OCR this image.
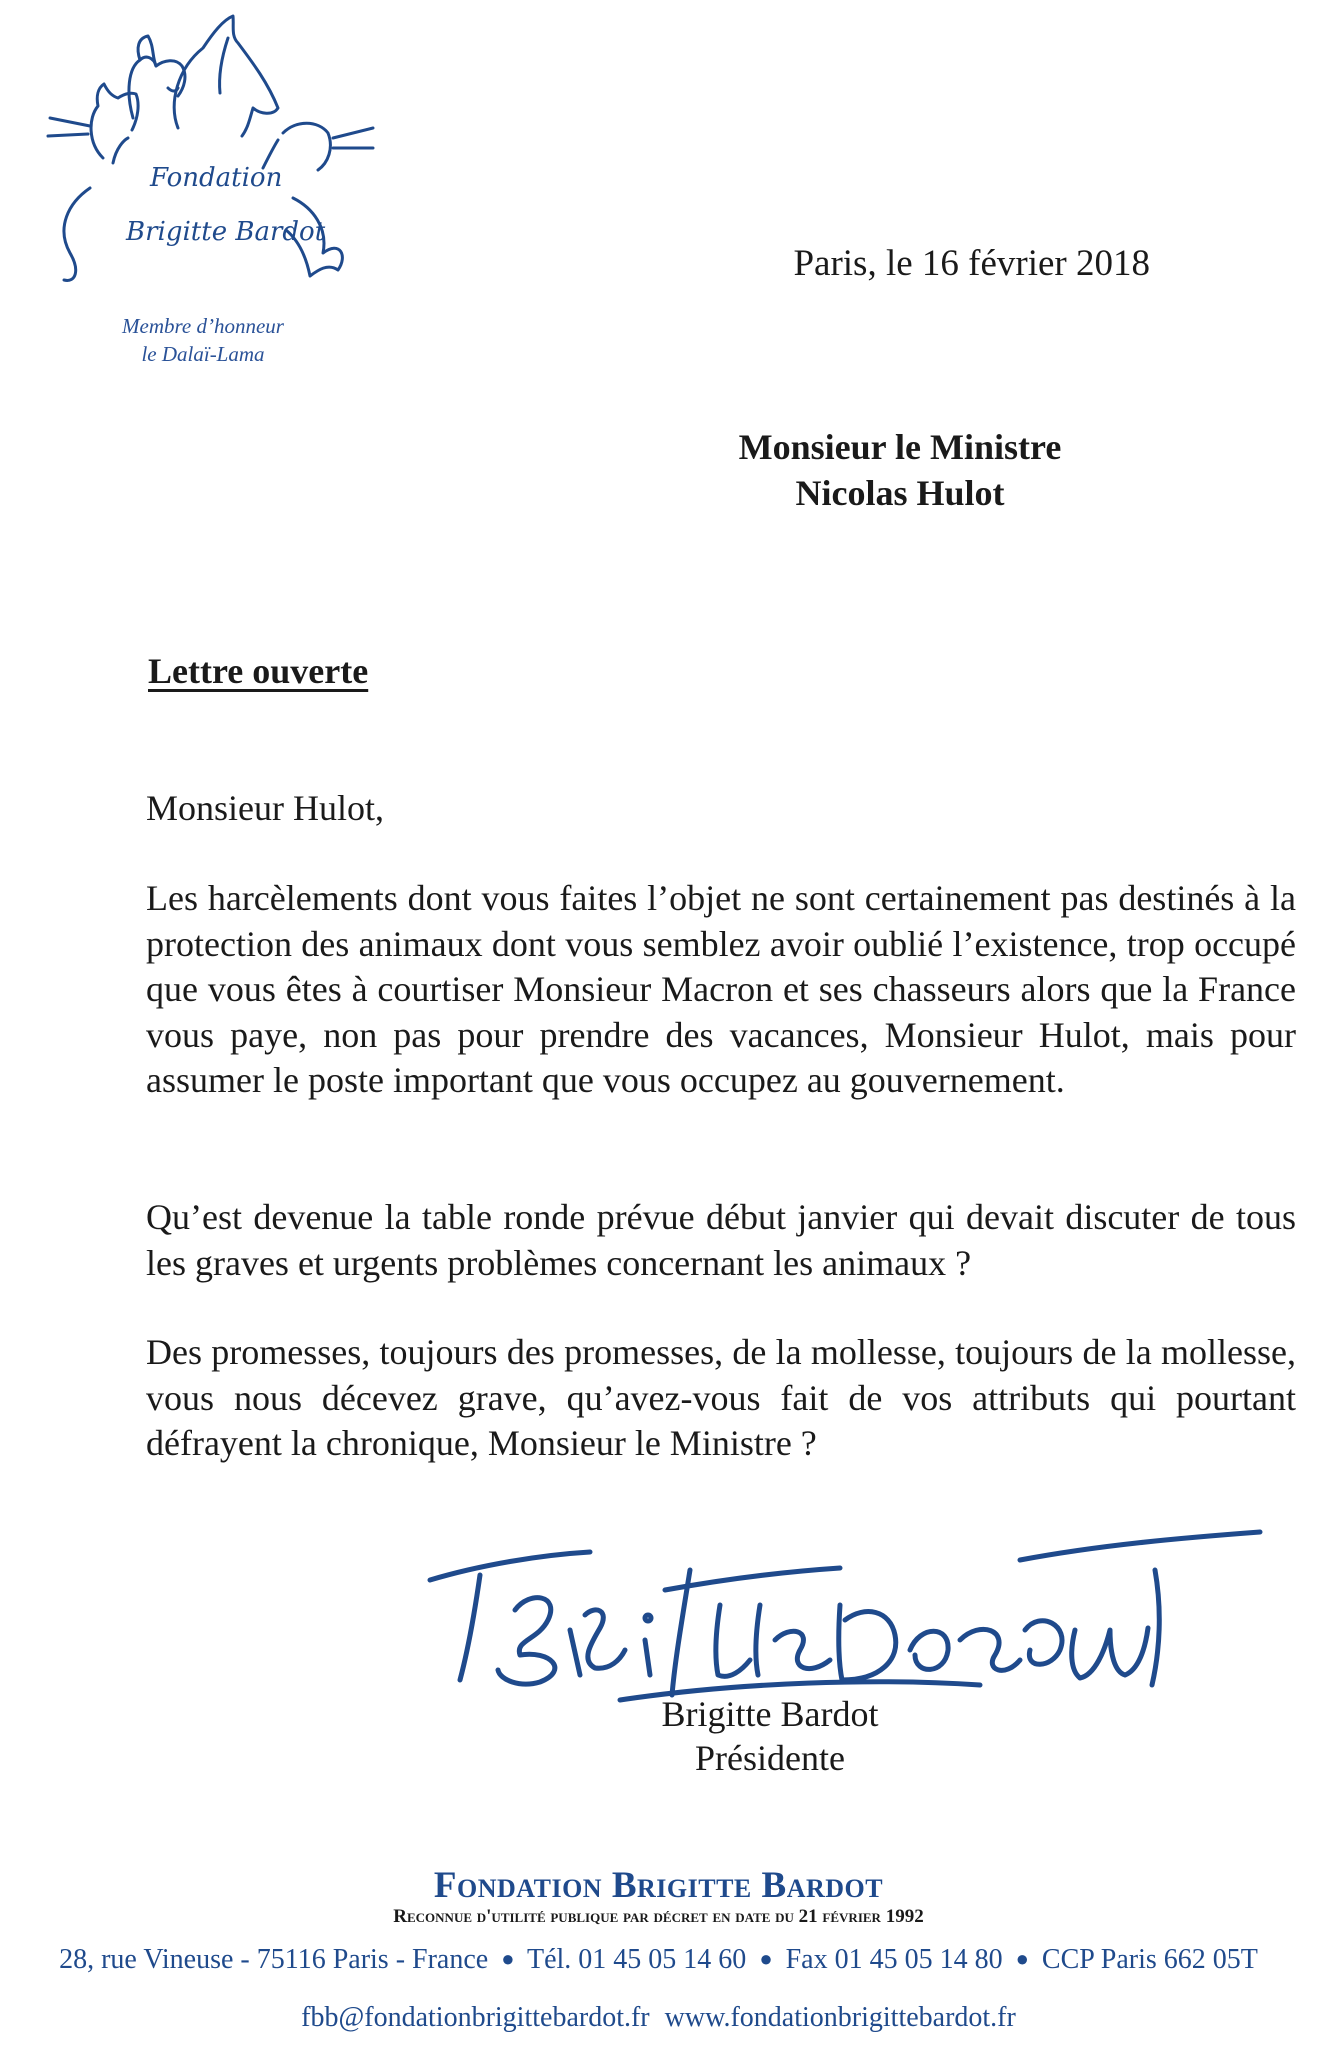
Fondation
Brigitte Bardot
Membre d’honneur
le Dalaï-Lama
Paris, le 16 février 2018
Monsieur le Ministre
Nicolas Hulot
Lettre ouverte
Monsieur Hulot,
Les harcèlements dont vous faites l’objet ne sont certainement pas destinés à la protection des animaux dont vous semblez avoir oublié l’existence, trop occupé que vous êtes à courtiser Monsieur Macron et ses chasseurs alors que la France vous paye, non pas pour prendre des vacances, Monsieur Hulot, mais pour assumer le poste important que vous occupez au gouvernement.
Qu’est devenue la table ronde prévue début janvier qui devait discuter de tous les graves et urgents problèmes concernant les animaux ?
Des promesses, toujours des promesses, de la mollesse, toujours de la mollesse, vous nous décevez grave, qu’avez-vous fait de vos attributs qui pourtant défrayent la chronique, Monsieur le Ministre ?
Brigitte Bardot
Présidente
Fondation Brigitte Bardot
Reconnue d'utilité publique par décret en date du 21 février 1992
28, rue Vineuse - 75116 Paris - France ● Tél. 01 45 05 14 60 ● Fax 01 45 05 14 80 ● CCP Paris 662 05T
fbb@fondationbrigittebardot.fr www.fondationbrigittebardot.fr
